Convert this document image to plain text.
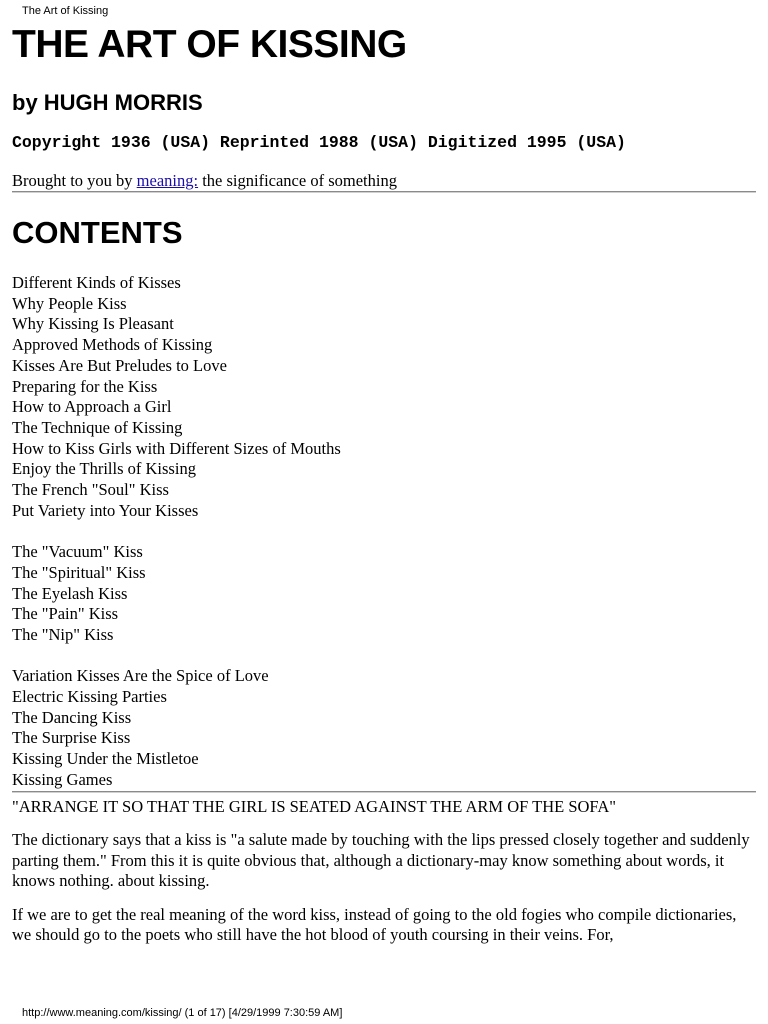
The Art of Kissing
THE ART OF KISSING
by HUGH MORRIS
Copyright 1936 (USA) Reprinted 1988 (USA) Digitized 1995 (USA)
Brought to you by meaning: the significance of something
CONTENTS
Different Kinds of Kisses
Why People Kiss
Why Kissing Is Pleasant
Approved Methods of Kissing
Kisses Are But Preludes to Love
Preparing for the Kiss
How to Approach a Girl
The Technique of Kissing
How to Kiss Girls with Different Sizes of Mouths
Enjoy the Thrills of Kissing
The French "Soul" Kiss
Put Variety into Your Kisses
The "Vacuum" Kiss
The "Spiritual" Kiss
The Eyelash Kiss
The "Pain" Kiss
The "Nip" Kiss
Variation Kisses Are the Spice of Love
Electric Kissing Parties
The Dancing Kiss
The Surprise Kiss
Kissing Under the Mistletoe
Kissing Games

"ARRANGE IT SO THAT THE GIRL IS SEATED AGAINST THE ARM OF THE SOFA"

The dictionary says that a kiss is "a salute made by touching with the lips pressed closely together and suddenly parting them." From this it is quite obvious that, although a dictionary-may know something about words, it knows nothing. about kissing.

If we are to get the real meaning of the word kiss, instead of going to the old fogies who compile dictionaries, we should go to the poets who still have the hot blood of youth coursing in their veins. For,

http://www.meaning.com/kissing/ (1 of 17) [4/29/1999 7:30:59 AM]
